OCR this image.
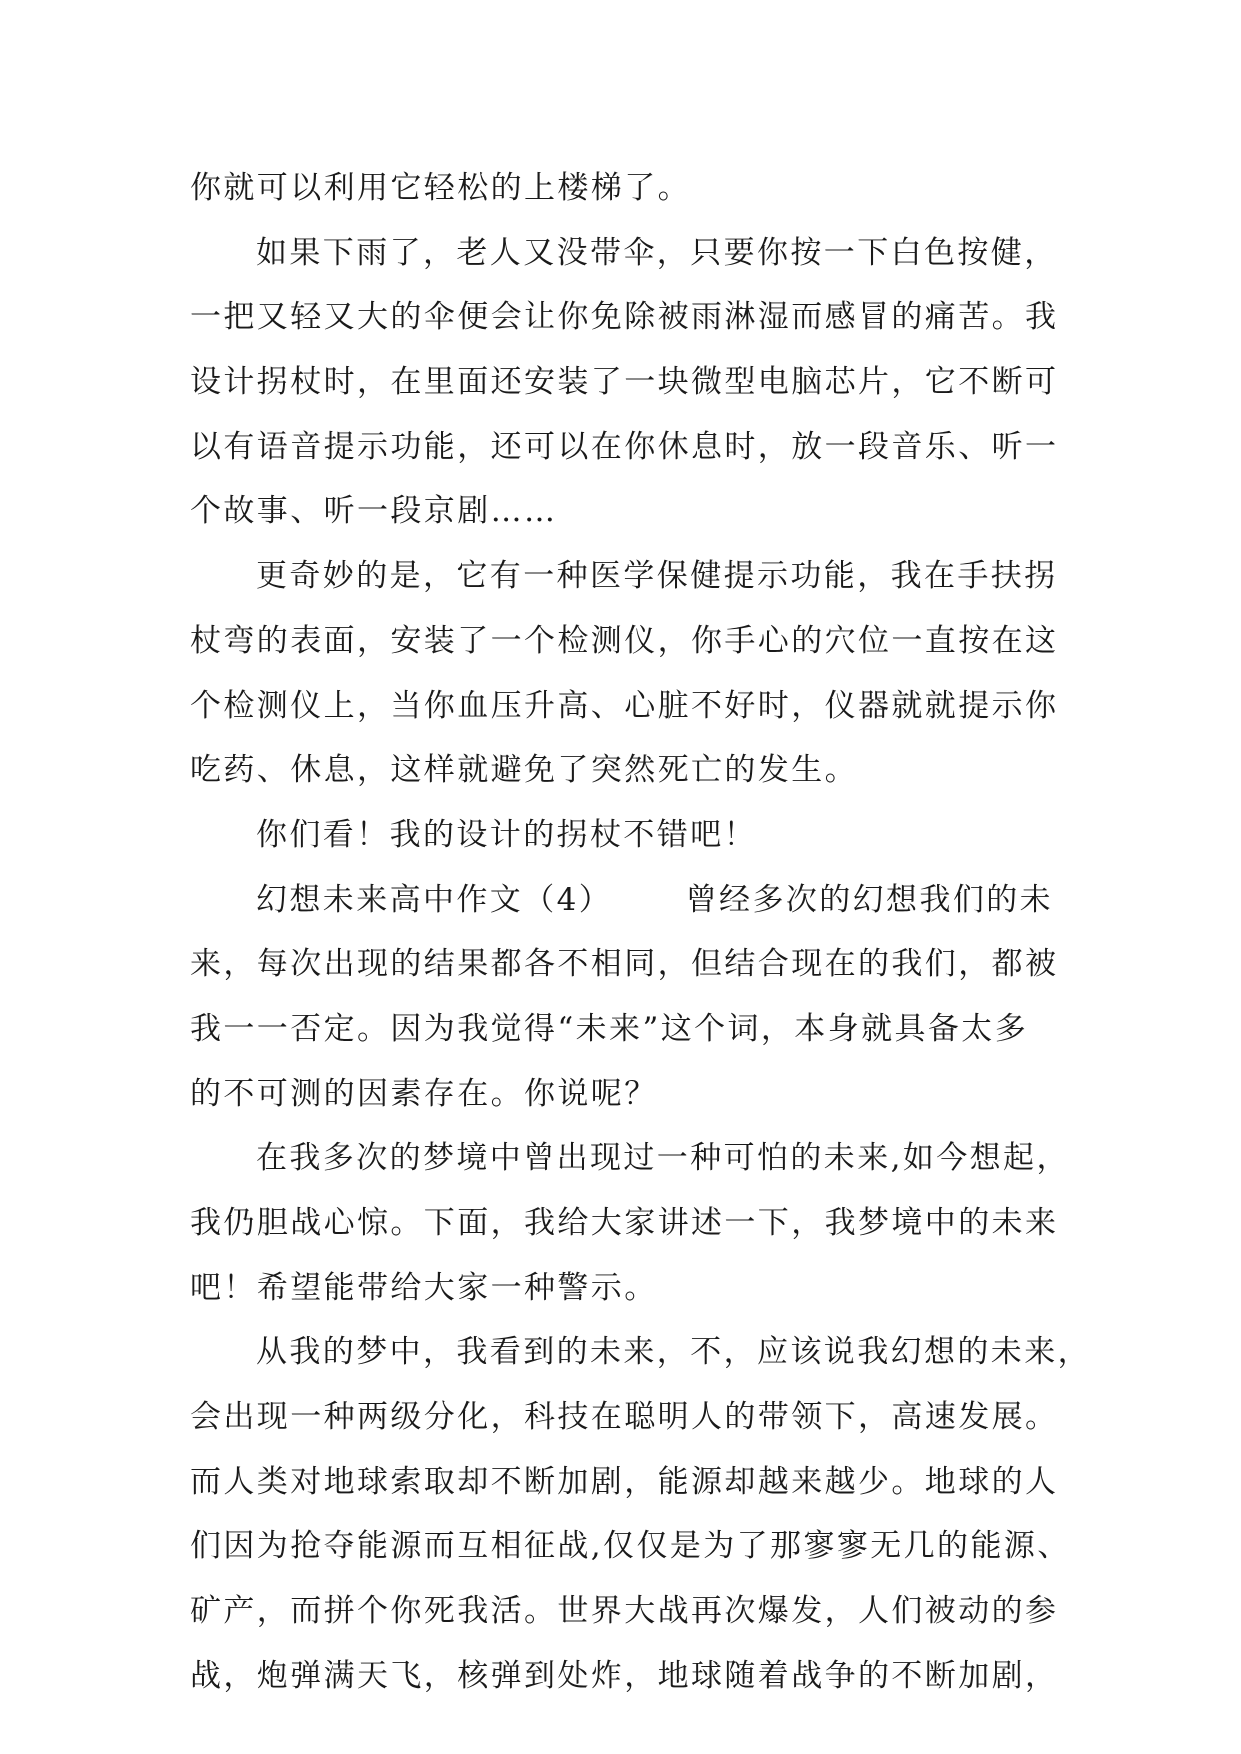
你就可以利用它轻松的上楼梯了。
如果下雨了，老人又没带伞，只要你按一下白色按健，
一把又轻又大的伞便会让你免除被雨淋湿而感冒的痛苦。我
设计拐杖时，在里面还安装了一块微型电脑芯片，它不断可
以有语音提示功能，还可以在你休息时，放一段音乐、听一
个故事、听一段京剧……
更奇妙的是，它有一种医学保健提示功能，我在手扶拐
杖弯的表面，安装了一个检测仪，你手心的穴位一直按在这
个检测仪上，当你血压升高、心脏不好时，仪器就就提示你
吃药、休息，这样就避免了突然死亡的发生。
你们看！我的设计的拐杖不错吧！
幻想未来高中作文（4）      曾经多次的幻想我们的未
来，每次出现的结果都各不相同，但结合现在的我们，都被
我一一否定。因为我觉得“未来”这个词，本身就具备太多
的不可测的因素存在。你说呢？
在我多次的梦境中曾出现过一种可怕的未来,如今想起，
我仍胆战心惊。下面，我给大家讲述一下，我梦境中的未来
吧！希望能带给大家一种警示。
从我的梦中，我看到的未来，不，应该说我幻想的未来，
会出现一种两级分化，科技在聪明人的带领下，高速发展。
而人类对地球索取却不断加剧，能源却越来越少。地球的人
们因为抢夺能源而互相征战,仅仅是为了那寥寥无几的能源、
矿产，而拼个你死我活。世界大战再次爆发，人们被动的参
战，炮弹满天飞，核弹到处炸，地球随着战争的不断加剧，
